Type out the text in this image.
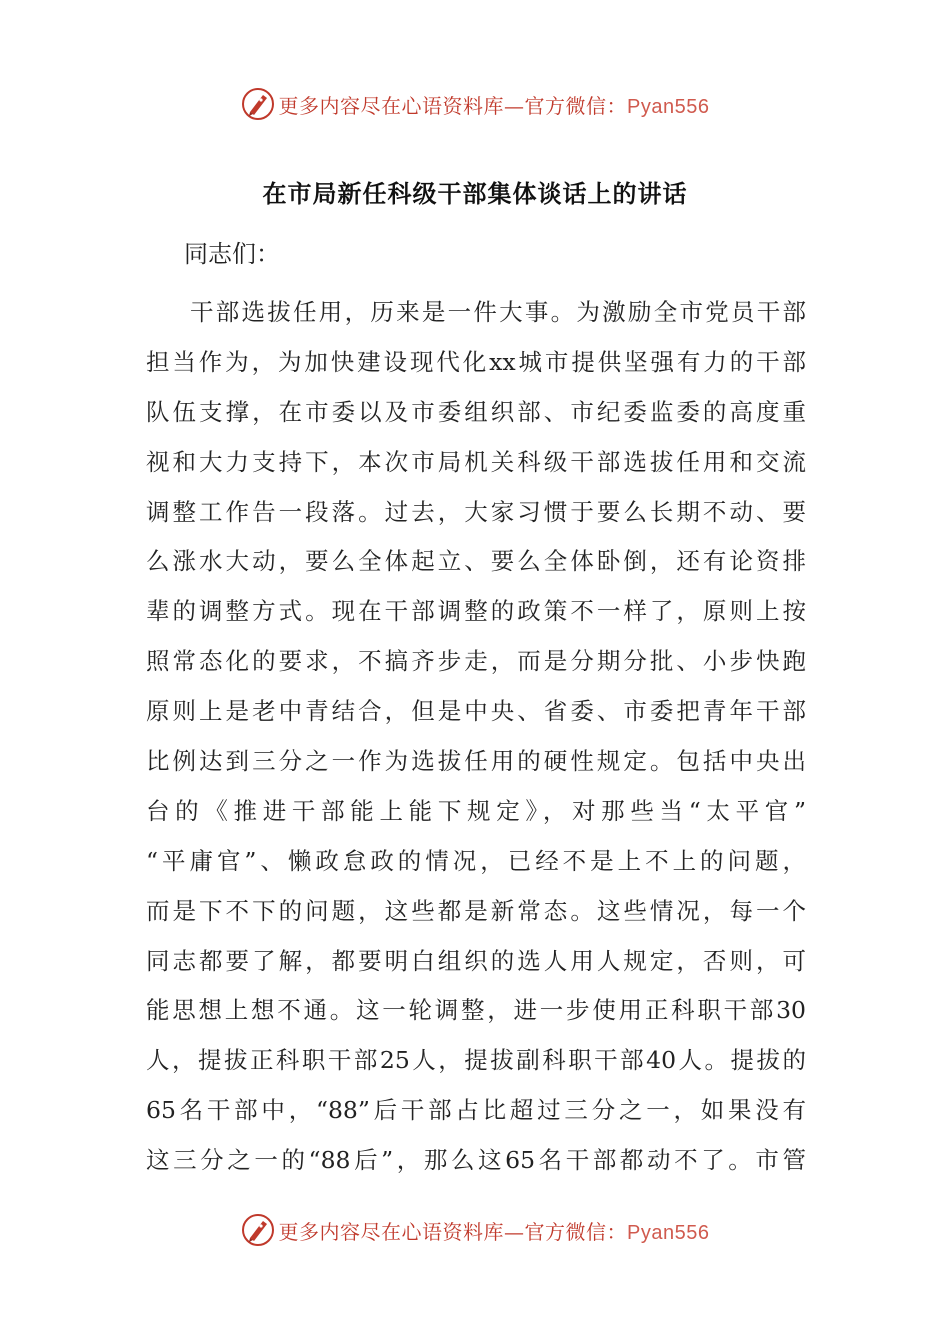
更多内容尽在心语资料库—官方微信：Pyan556
在市局新任科级干部集体谈话上的讲话
同志们：
干部选拔任用，历来是一件大事。为激励全市党员干部
担当作为，为加快建设现代化xx城市提供坚强有力的干部
队伍支撑，在市委以及市委组织部、市纪委监委的高度重
视和大力支持下，本次市局机关科级干部选拔任用和交流
调整工作告一段落。过去，大家习惯于要么长期不动、要
么涨水大动，要么全体起立、要么全体卧倒，还有论资排
辈的调整方式。现在干部调整的政策不一样了，原则上按
照常态化的要求，不搞齐步走，而是分期分批、小步快跑
原则上是老中青结合，但是中央、省委、市委把青年干部
比例达到三分之一作为选拔任用的硬性规定。包括中央出
台的《推进干部能上能下规定》，对那些当“太平官”
“平庸官”、懒政怠政的情况，已经不是上不上的问题，
而是下不下的问题，这些都是新常态。这些情况，每一个
同志都要了解，都要明白组织的选人用人规定，否则，可
能思想上想不通。这一轮调整，进一步使用正科职干部30
人，提拔正科职干部25人，提拔副科职干部40人。提拔的
65名干部中，“88”后干部占比超过三分之一，如果没有
这三分之一的“88后”，那么这65名干部都动不了。市管
更多内容尽在心语资料库—官方微信：Pyan556
